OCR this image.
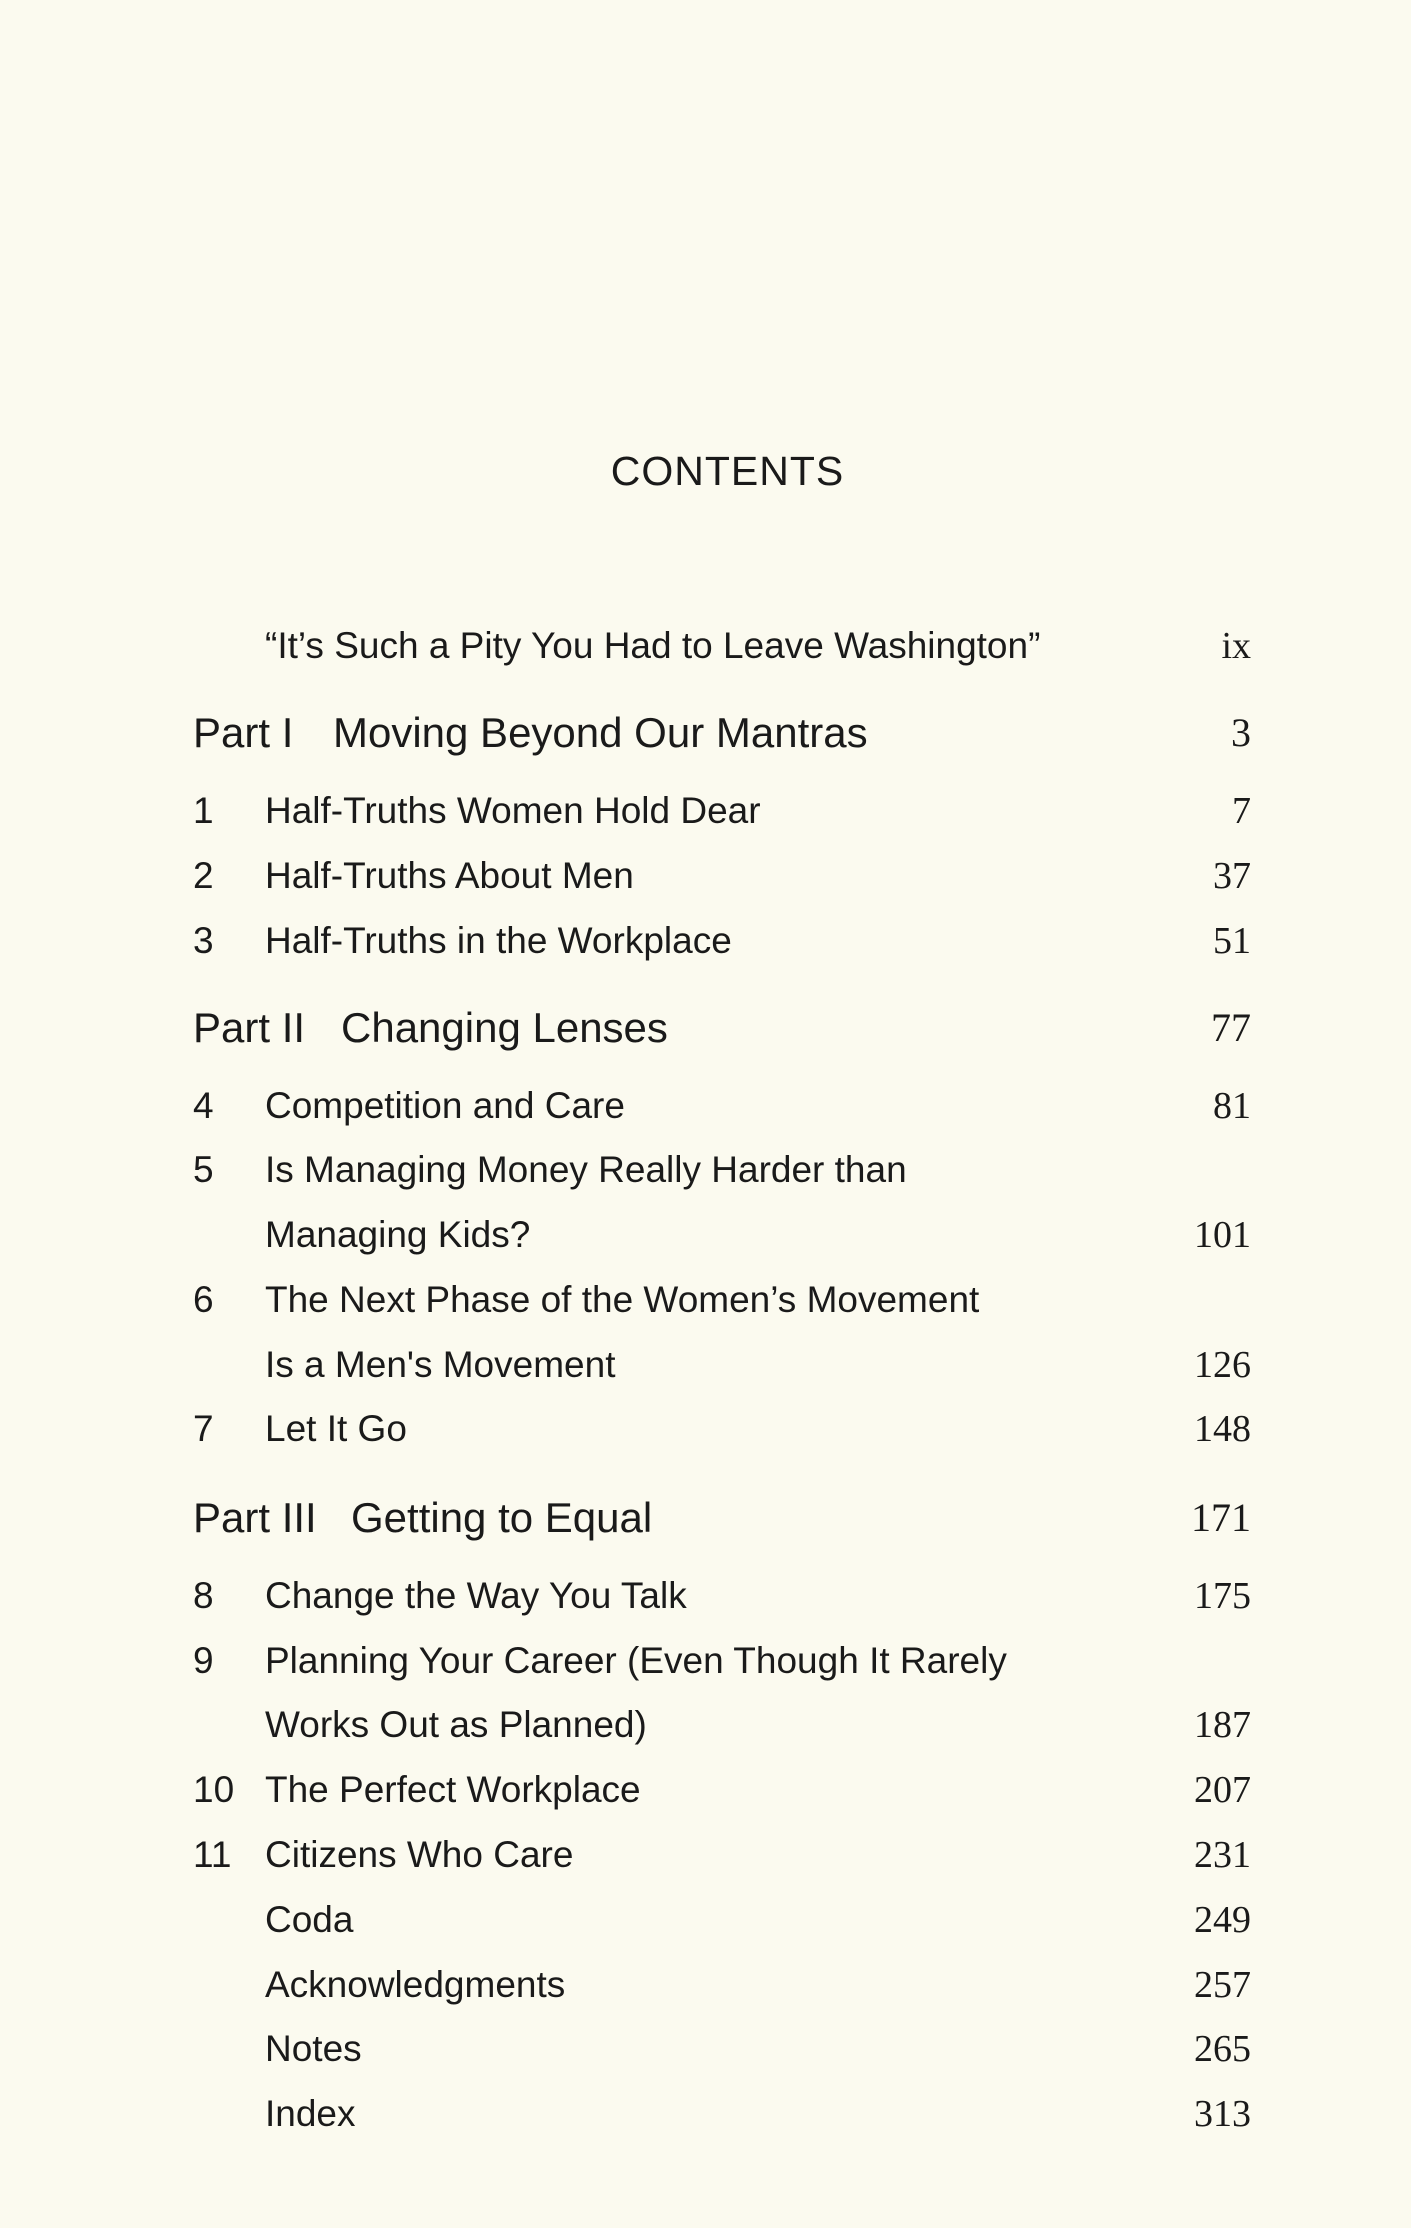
CONTENTS
“It’s Such a Pity You Had to Leave Washington”	ix
Part I Moving Beyond Our Mantras	3
1 Half-Truths Women Hold Dear	7
2 Half-Truths About Men	37
3 Half-Truths in the Workplace	51
Part II Changing Lenses	77
4 Competition and Care	81
5 Is Managing Money Really Harder than
Managing Kids?	101
6 The Next Phase of the Women’s Movement
Is a Men's Movement	126
7 Let It Go	148
Part III Getting to Equal	171
8 Change the Way You Talk	175
9 Planning Your Career (Even Though It Rarely
Works Out as Planned)	187
10 The Perfect Workplace	207
11 Citizens Who Care	231
Coda	249
Acknowledgments	257
Notes	265
Index	313
